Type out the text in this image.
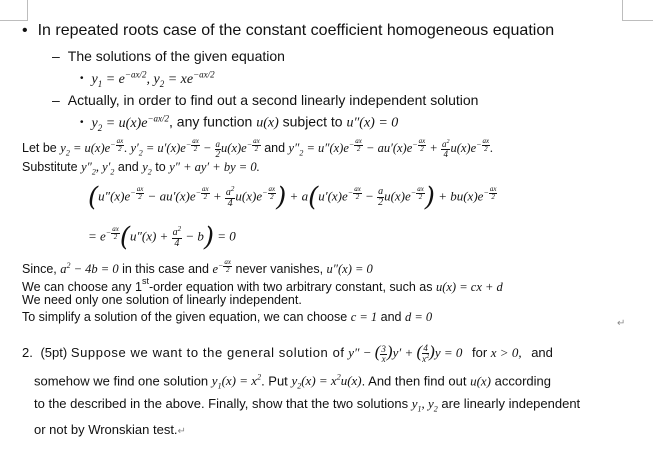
• In repeated roots case of the constant coefficient homogeneous equation
– The solutions of the given equation
• $y_1 = e^{-ax/2}$, $y_2 = xe^{-ax/2}$
– Actually, in order to find out a second linearly independent solution
• $y_2 = u(x)e^{-ax/2}$, any function u(x) subject to u″(x) = 0
Let be $y_2 = u(x)e^{- \frac{ax}{2}}$ . $y'_2 = u'(x)e^{- \frac{ax}{2}} - \frac{a}{2} u(x)e^{- \frac{ax}{2}}$ and $y''_2 = u''(x)e^{- \frac{ax}{2}} - au'(x)e^{- \frac{ax}{2}} + \frac{a^2}{4} u(x)e^{- \frac{ax}{2}}$ .
Substitute $y''_2$, $y'_2$ and $y_2$ to y″ + ay′ + by = 0.
($u''(x)e^{- \frac{ax}{2}} - au'(x)e^{- \frac{ax}{2}} + \frac{a^2}{4} u(x)e^{- \frac{ax}{2}}$ ) + $a(u'(x)e^{- \frac{ax}{2}} - \frac{a}{2} u(x)e^{- \frac{ax}{2}}$ ) + $bu(x)e^{- \frac{ax}{2}}$
= $e^{- \frac{ax}{2}}$ $(u''(x) + \frac{a^2}{4} - b) = 0$
Since, $a^2 - 4b = 0$ in this case and $e^{- \frac{ax}{2}}$ never vanishes, u″(x) = 0
We can choose any 1st-order equation with two arbitrary constant, such as u(x) = cx + d
We need only one solution of linearly independent.
To simplify a solution of the given equation, we can choose c = 1 and d = 0	↵
2. (5pt) Suppose we want to the general solution of y″ − ( $\frac{3}{x} )y'$ + ( $\frac{4}{x^2} )y = 0$ for x > 0, and
somehow we find one solution $y_1(x) = x^2$. Put $y_2(x) = x^2u(x)$. And then find out u(x) according
to the described in the above. Finally, show that the two solutions $y_1$, $y_2$ are linearly independent
or not by Wronskian test.↵
